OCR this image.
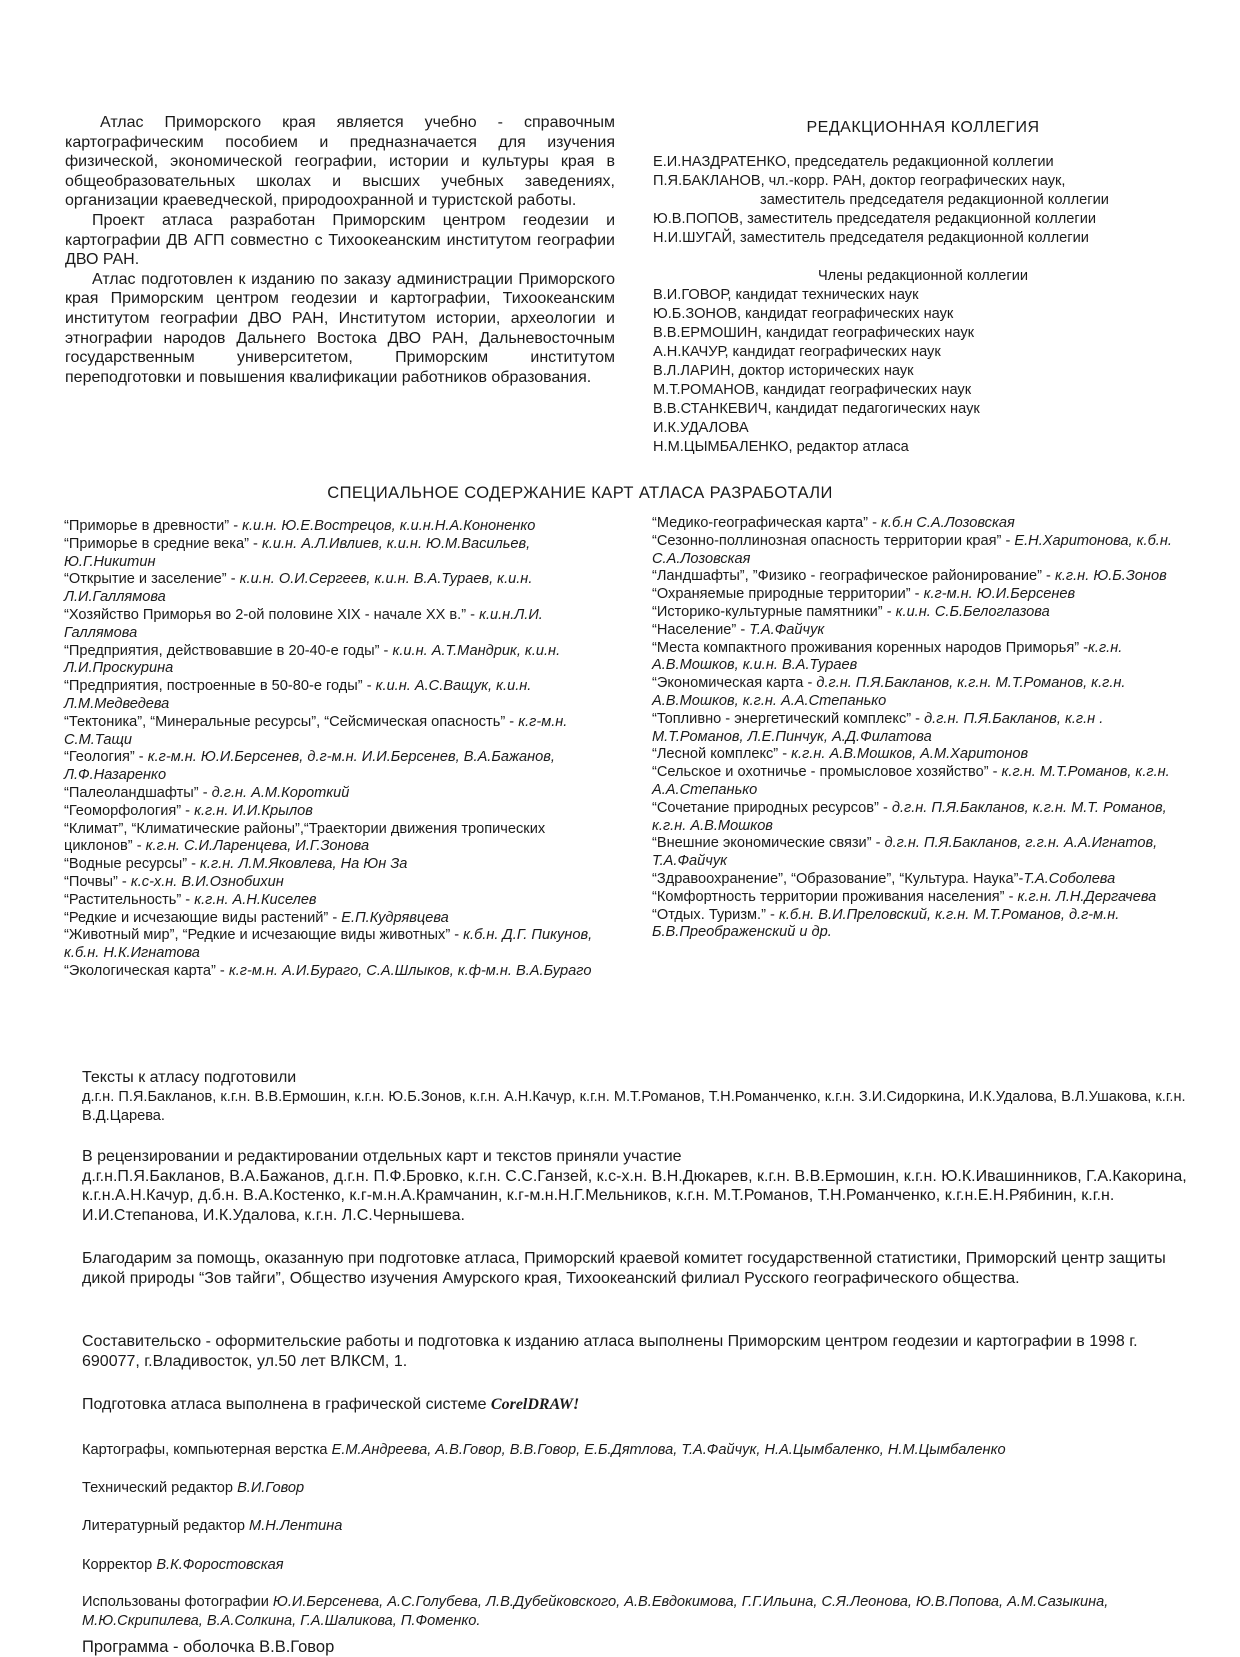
Атлас Приморского края является учебно - справочным картографическим пособием и предназначается для изучения физической, экономической географии, истории и культуры края в общеобразовательных школах и высших учебных заведениях, организации краеведческой, природоохранной и туристской работы.

Проект атласа разработан Приморским центром геодезии и картографии ДВ АГП совместно с Тихоокеанским институтом географии ДВО РАН.

Атлас подготовлен к изданию по заказу администрации Приморского края Приморским центром геодезии и картографии, Тихоокеанским институтом географии ДВО РАН, Институтом истории, археологии и этнографии народов Дальнего Востока ДВО РАН, Дальневосточным государственным университетом, Приморским институтом переподготовки и повышения квалификации работников образования.

РЕДАКЦИОННАЯ КОЛЛЕГИЯ
Е.И.НАЗДРАТЕНКО, председатель редакционной коллегии
П.Я.БАКЛАНОВ, чл.-корр. РАН, доктор географических наук,
заместитель председателя редакционной коллегии
Ю.В.ПОПОВ, заместитель председателя редакционной коллегии
Н.И.ШУГАЙ, заместитель председателя редакционной коллегии
Члены редакционной коллегии
В.И.ГОВОР, кандидат технических наук
Ю.Б.ЗОНОВ, кандидат географических наук
В.В.ЕРМОШИН, кандидат географических наук
А.Н.КАЧУР, кандидат географических наук
В.Л.ЛАРИН, доктор исторических наук
М.Т.РОМАНОВ, кандидат географических наук
В.В.СТАНКЕВИЧ, кандидат педагогических наук
И.К.УДАЛОВА
Н.М.ЦЫМБАЛЕНКО, редактор атласа
СПЕЦИАЛЬНОЕ СОДЕРЖАНИЕ КАРТ АТЛАСА РАЗРАБОТАЛИ

“Приморье в древности” - к.и.н. Ю.Е.Вострецов, к.и.н.Н.А.Кононенко

“Приморье в средние века” - к.и.н. А.Л.Ивлиев, к.и.н. Ю.М.Васильев, Ю.Г.Никитин

“Открытие и заселение” - к.и.н. О.И.Сергеев, к.и.н. В.А.Тураев, к.и.н. Л.И.Галлямова

“Хозяйство Приморья во 2-ой половине XIX - начале XX в.” - к.и.н.Л.И. Галлямова

“Предприятия, действовавшие в 20-40-е годы” - к.и.н. А.Т.Мандрик, к.и.н. Л.И.Проскурина

“Предприятия, построенные в 50-80-е годы” - к.и.н. А.С.Ващук, к.и.н. Л.М.Медведева

“Тектоника”, “Минеральные ресурсы”, “Сейсмическая опасность” - к.г-м.н. С.М.Тащи

“Геология” - к.г-м.н. Ю.И.Берсенев, д.г-м.н. И.И.Берсенев, В.А.Бажанов, Л.Ф.Назаренко

“Палеоландшафты” - д.г.н. А.М.Короткий

“Геоморфология” - к.г.н. И.И.Крылов

“Климат”, “Климатические районы”,“Траектории движения тропических циклонов” - к.г.н. С.И.Ларенцева, И.Г.Зонова

“Водные ресурсы” - к.г.н. Л.М.Яковлева, На Юн За

“Почвы” - к.с-х.н. В.И.Ознобихин

“Растительность” - к.г.н. А.Н.Киселев

“Редкие и исчезающие виды растений” - Е.П.Кудрявцева

“Животный мир”, “Редкие и исчезающие виды животных” - к.б.н. Д.Г. Пикунов, к.б.н. Н.К.Игнатова

“Экологическая карта” - к.г-м.н. А.И.Бураго, С.А.Шлыков, к.ф-м.н. В.А.Бураго

“Медико-географическая карта” - к.б.н С.А.Лозовская

“Сезонно-поллинозная опасность территории края” - Е.Н.Харитонова, к.б.н. С.А.Лозовская

“Ландшафты”, ”Физико - географическое районирование” - к.г.н. Ю.Б.Зонов

“Охраняемые природные территории” - к.г-м.н. Ю.И.Берсенев

“Историко-культурные памятники” - к.и.н. С.Б.Белоглазова

“Население” - Т.А.Файчук

“Места компактного проживания коренных народов Приморья” -к.г.н. А.В.Мошков, к.и.н. В.А.Тураев

“Экономическая карта - д.г.н. П.Я.Бакланов, к.г.н. М.Т.Романов, к.г.н. А.В.Мошков, к.г.н. А.А.Степанько

“Топливно - энергетический комплекс” - д.г.н. П.Я.Бакланов, к.г.н . М.Т.Романов, Л.Е.Пинчук, А.Д.Филатова

“Лесной комплекс” - к.г.н. А.В.Мошков, А.М.Харитонов

“Сельское и охотничье - промысловое хозяйство” - к.г.н. М.Т.Романов, к.г.н. А.А.Степанько

“Сочетание природных ресурсов” - д.г.н. П.Я.Бакланов, к.г.н. М.Т. Романов, к.г.н. А.В.Мошков

“Внешние экономические связи” - д.г.н. П.Я.Бакланов, г.г.н. А.А.Игнатов, Т.А.Файчук

“Здравоохранение”, “Образование”, “Культура. Наука”-Т.А.Соболева

“Комфортность территории проживания населения” - к.г.н. Л.Н.Дергачева

“Отдых. Туризм.” - к.б.н. В.И.Преловский, к.г.н. М.Т.Романов, д.г-м.н. Б.В.Преображенский и др.

Тексты к атласу подготовили
д.г.н. П.Я.Бакланов, к.г.н. В.В.Ермошин, к.г.н. Ю.Б.Зонов, к.г.н. А.Н.Качур, к.г.н. М.Т.Романов, Т.Н.Романченко, к.г.н. З.И.Сидоркина, И.К.Удалова, В.Л.Ушакова, к.г.н. В.Д.Царева.
В рецензировании и редактировании отдельных карт и текстов приняли участие
д.г.н.П.Я.Бакланов, В.А.Бажанов, д.г.н. П.Ф.Бровко, к.г.н. С.С.Ганзей, к.с-х.н. В.Н.Дюкарев, к.г.н. В.В.Ермошин, к.г.н. Ю.К.Ивашинников, Г.А.Какорина, к.г.н.А.Н.Качур, д.б.н. В.А.Костенко, к.г-м.н.А.Крамчанин, к.г-м.н.Н.Г.Мельников, к.г.н. М.Т.Романов, Т.Н.Романченко, к.г.н.Е.Н.Рябинин, к.г.н. И.И.Степанова, И.К.Удалова, к.г.н. Л.С.Чернышева.
Благодарим за помощь, оказанную при подготовке атласа, Приморский краевой комитет государственной статистики, Приморский центр защиты дикой природы “Зов тайги”, Общество изучения Амурского края, Тихоокеанский филиал Русского географического общества.
Составительско - оформительские работы и подготовка к изданию атласа выполнены Приморским центром геодезии и картографии в 1998 г. 690077, г.Владивосток, ул.50 лет ВЛКСМ, 1.
Подготовка атласа выполнена в графической системе CorelDRAW!
Картографы, компьютерная верстка Е.М.Андреева, А.В.Говор, В.В.Говор, Е.Б.Дятлова, Т.А.Файчук, Н.А.Цымбаленко, Н.М.Цымбаленко
Технический редактор В.И.Говор
Литературный редактор М.Н.Лентина
Корректор В.К.Форостовская
Использованы фотографии Ю.И.Берсенева, А.С.Голубева, Л.В.Дубейковского, А.В.Евдокимова, Г.Г.Ильина, С.Я.Леонова, Ю.В.Попова, А.М.Сазыкина, М.Ю.Скрипилева, В.А.Солкина, Г.А.Шаликова, П.Фоменко.
Программа - оболочка В.В.Говор
